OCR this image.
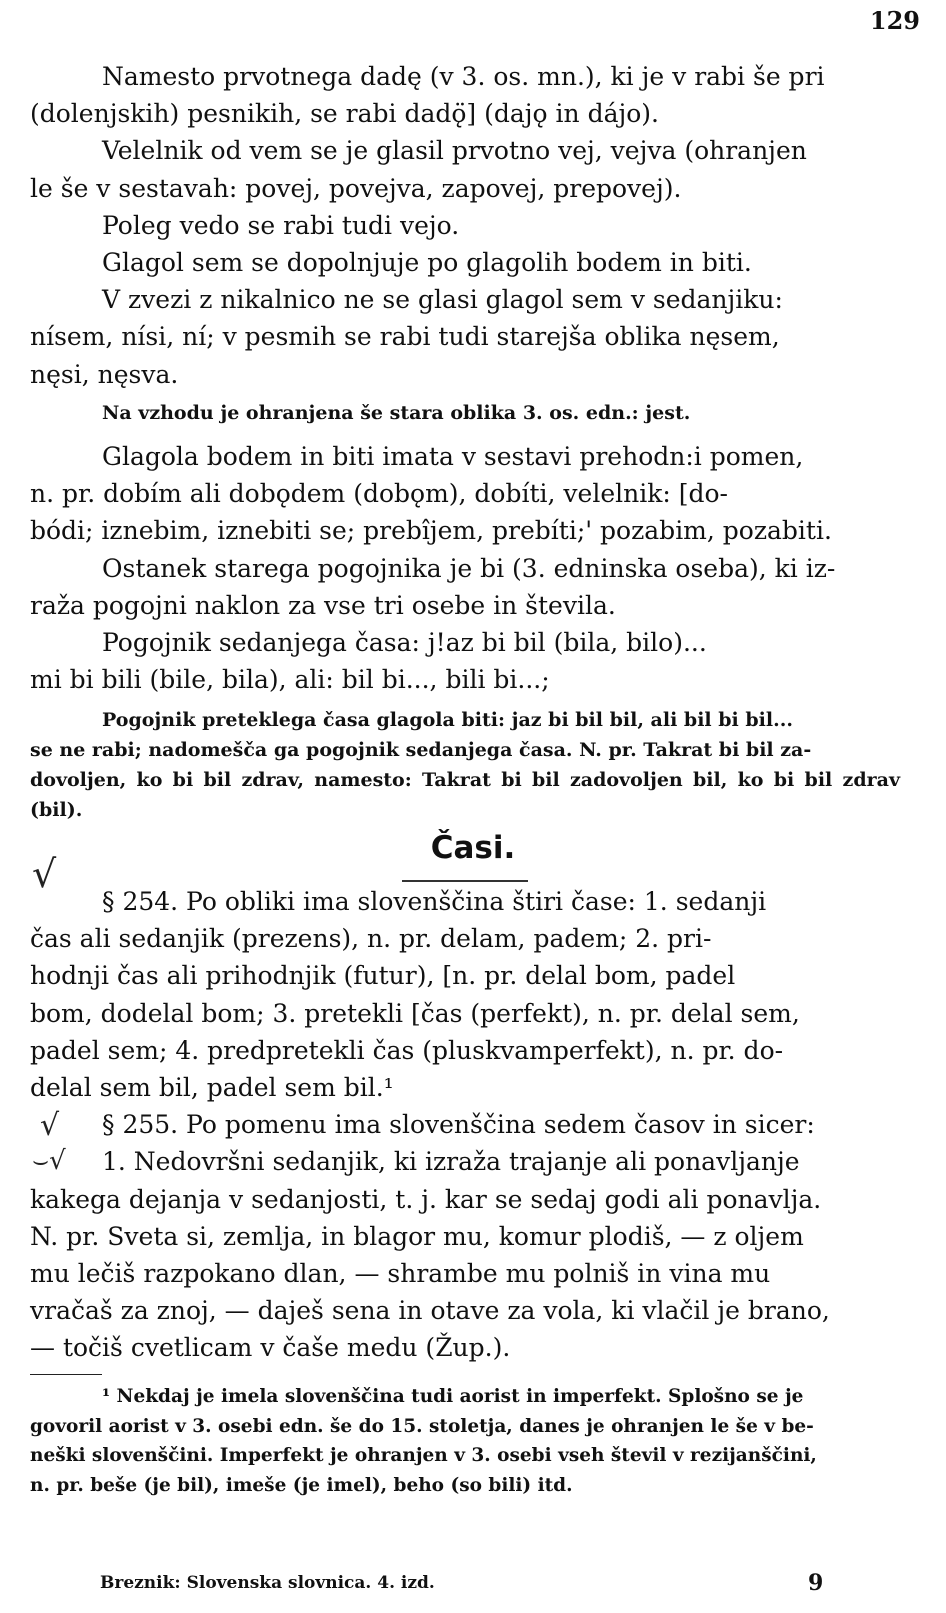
129

Namesto prvotnega dadę (v 3. os. mn.), ki je v rabi še pri
(dolenjskih) pesnikih, se rabi dadǫ̈] (dajǫ in dájo).

Velelnik od vem se je glasil prvotno vej, vejva (ohranjen
le še v sestavah: povej, povejva, zapovej, prepovej).

Poleg vedo se rabi tudi vejo.

Glagol sem se dopolnjuje po glagolih bodem in biti.

V zvezi z nikalnico ne se glasi glagol sem v sedanjiku:
nísem, nísi, ní; v pesmih se rabi tudi starejša oblika nęsem,
nęsi, nęsva.

Na vzhodu je ohranjena še stara oblika 3. os. edn.: jest.

Glagola bodem in biti imata v sestavi prehodn:i pomen,
n. pr. dobím ali dobǫdem (dobǫm), dobíti, velelnik: [do-
bódi; iznebim, iznebiti se; prebîjem, prebíti;' pozabim, pozabiti.

Ostanek starega pogojnika je bi (3. edninska oseba), ki iz-
raža pogojni naklon za vse tri osebe in števila.

Pogojnik sedanjega časa: j!az bi bil (bila, bilo)...
mi bi bili (bile, bila), ali: bil bi..., bili bi...;

Pogojnik preteklega časa glagola biti: jaz bi bil bil, ali bil bi bil...
se ne rabi; nadomešča ga pogojnik sedanjega časa. N. pr. Takrat bi bil za-
dovoljen, ko bi bil zdrav, namesto: Takrat bi bil zadovoljen bil, ko bi bil zdrav (bil).

Časi.
√

§ 254. Po obliki ima slovenščina štiri čase: 1. sedanji
čas ali sedanjik (prezens), n. pr. delam, padem; 2. pri-
hodnji čas ali prihodnjik (futur), [n. pr. delal bom, padel
bom, dodelal bom; 3. pretekli [čas (perfekt), n. pr. delal sem,
padel sem; 4. predpretekli čas (pluskvamperfekt), n. pr. do-
delal sem bil, padel sem bil.¹

§ 255. Po pomenu ima slovenščina sedem časov in sicer:

1. Nedovršni sedanjik, ki izraža trajanje ali ponavljanje
kakega dejanja v sedanjosti, t. j. kar se sedaj godi ali ponavlja.
N. pr. Sveta si, zemlja, in blagor mu, komur plodiš, — z oljem
mu lečiš razpokano dlan, — shrambe mu polniš in vina mu
vračaš za znoj, — daješ sena in otave za vola, ki vlačil je brano,
— točiš cvetlicam v čaše medu (Žup.).

√
⌣√

¹ Nekdaj je imela slovenščina tudi aorist in imperfekt. Splošno se je
govoril aorist v 3. osebi edn. še do 15. stoletja, danes je ohranjen le še v be-
neški slovenščini. Imperfekt je ohranjen v 3. osebi vseh števil v rezijanščini,
n. pr. beše (je bil), imeše (je imel), beho (so bili) itd.

Breznik: Slovenska slovnica. 4. izd.	9
